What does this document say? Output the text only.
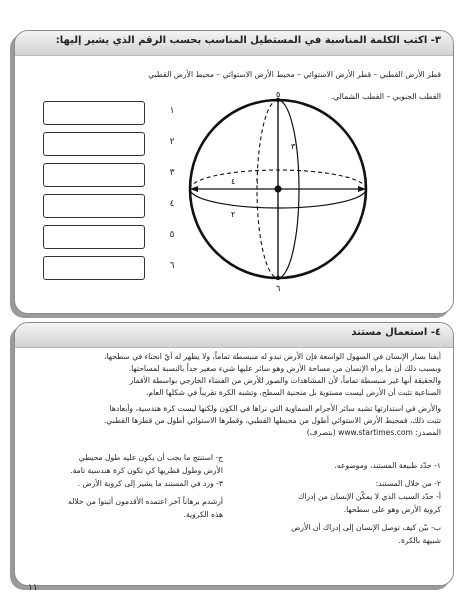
٣- اكتب الكلمة المناسبة في المستطيل المناسب بحسب الرقم الذي يشير إليها:
قطر الأرض القطبي – قطر الأرض الاستوائي – محيط الأرض الاستوائي – محيط الأرض القطبي
القطب الجنوبي – القطب الشمالي.
١
٢
٣
٤
٥
٦
٥
٣
٤ ١
٢
٦
٤- استعمال مستند
أيقنا بسار الإنسان في السهول الواسعة فإن الأرض تبدو له منبسطة تماماً، ولا يظهر له أيّ انحناء في سطحها،
وبسبب ذلك أن ما يراه الإنسان من مساحة الأرض وهو سائر عليها شيء صغير جداً بالنسبة لمساحتها.
والحقيقة أنها غير منبسطة تماماً، لأن المشاهدات والصور للأرض من الفضاء الخارجي بواسطة الأقمار
الصناعية تثبت أن الأرض ليست مستوية بل منحنية السطح، وتشبه الكرة تقريباً في شكلها العام.
والأرض في استدارتها تشبه سائر الأجرام السماوية التي نراها في الكون ولكنها ليست كرة هندسية، وأبعادها
تثبت ذلك، فمحيط الأرض الاستوائي أطول من محيطها القطبي، وقطرها الاستوائي أطول من قطرها القطبي.
المصدر: www.startimes.com (بتصرف)
١- حدّد طبيعة المستند، وموضوعه.
٢- من خلال المستند:
أ- حدّد السبب الذي لا يمكّن الإنسان من إدراك
كروية الأرض وهو على سطحها.
ب- بيّن كيف توصل الإنسان إلى إدراك أن الأرض
شبيهة بالكرة.
ج- استنتج ما يجب أن يكون عليه طول محيطي
الأرض وطول قطريها كي تكون كرة هندسية تامة.
٣- ورد في المستند ما يشير إلى كروية الأرض .
أرشدم برهاناً آخر اعتمده الأقدمون أثبتوا من خلاله
هذه الكروية.
١١
